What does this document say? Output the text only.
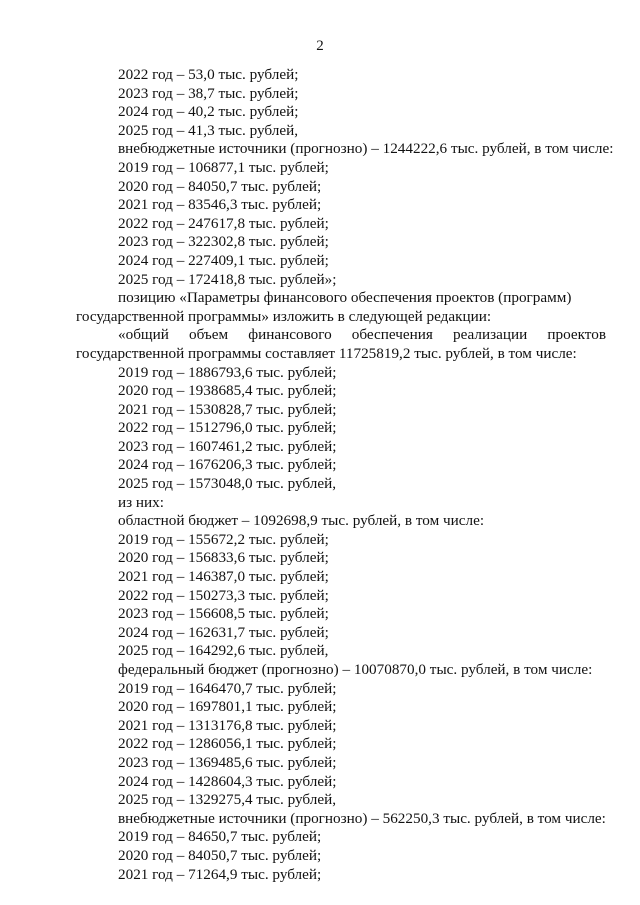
2
2022 год – 53,0 тыс. рублей;
2023 год – 38,7 тыс. рублей;
2024 год – 40,2 тыс. рублей;
2025 год – 41,3 тыс. рублей,
внебюджетные источники (прогнозно) – 1244222,6 тыс. рублей, в том числе:
2019 год – 106877,1 тыс. рублей;
2020 год – 84050,7 тыс. рублей;
2021 год – 83546,3 тыс. рублей;
2022 год – 247617,8 тыс. рублей;
2023 год – 322302,8 тыс. рублей;
2024 год – 227409,1 тыс. рублей;
2025 год – 172418,8 тыс. рублей»;
позицию «Параметры финансового обеспечения проектов (программ)
государственной программы» изложить в следующей редакции:
«общий объем финансового обеспечения реализации проектов
государственной программы составляет 11725819,2 тыс. рублей, в том числе:
2019 год – 1886793,6 тыс. рублей;
2020 год – 1938685,4 тыс. рублей;
2021 год – 1530828,7 тыс. рублей;
2022 год – 1512796,0 тыс. рублей;
2023 год – 1607461,2 тыс. рублей;
2024 год – 1676206,3 тыс. рублей;
2025 год – 1573048,0 тыс. рублей,
из них:
областной бюджет – 1092698,9 тыс. рублей, в том числе:
2019 год – 155672,2 тыс. рублей;
2020 год – 156833,6 тыс. рублей;
2021 год – 146387,0 тыс. рублей;
2022 год – 150273,3 тыс. рублей;
2023 год – 156608,5 тыс. рублей;
2024 год – 162631,7 тыс. рублей;
2025 год – 164292,6 тыс. рублей,
федеральный бюджет (прогнозно) – 10070870,0 тыс. рублей, в том числе:
2019 год – 1646470,7 тыс. рублей;
2020 год – 1697801,1 тыс. рублей;
2021 год – 1313176,8 тыс. рублей;
2022 год – 1286056,1 тыс. рублей;
2023 год – 1369485,6 тыс. рублей;
2024 год – 1428604,3 тыс. рублей;
2025 год – 1329275,4 тыс. рублей,
внебюджетные источники (прогнозно) – 562250,3 тыс. рублей, в том числе:
2019 год – 84650,7 тыс. рублей;
2020 год – 84050,7 тыс. рублей;
2021 год – 71264,9 тыс. рублей;
